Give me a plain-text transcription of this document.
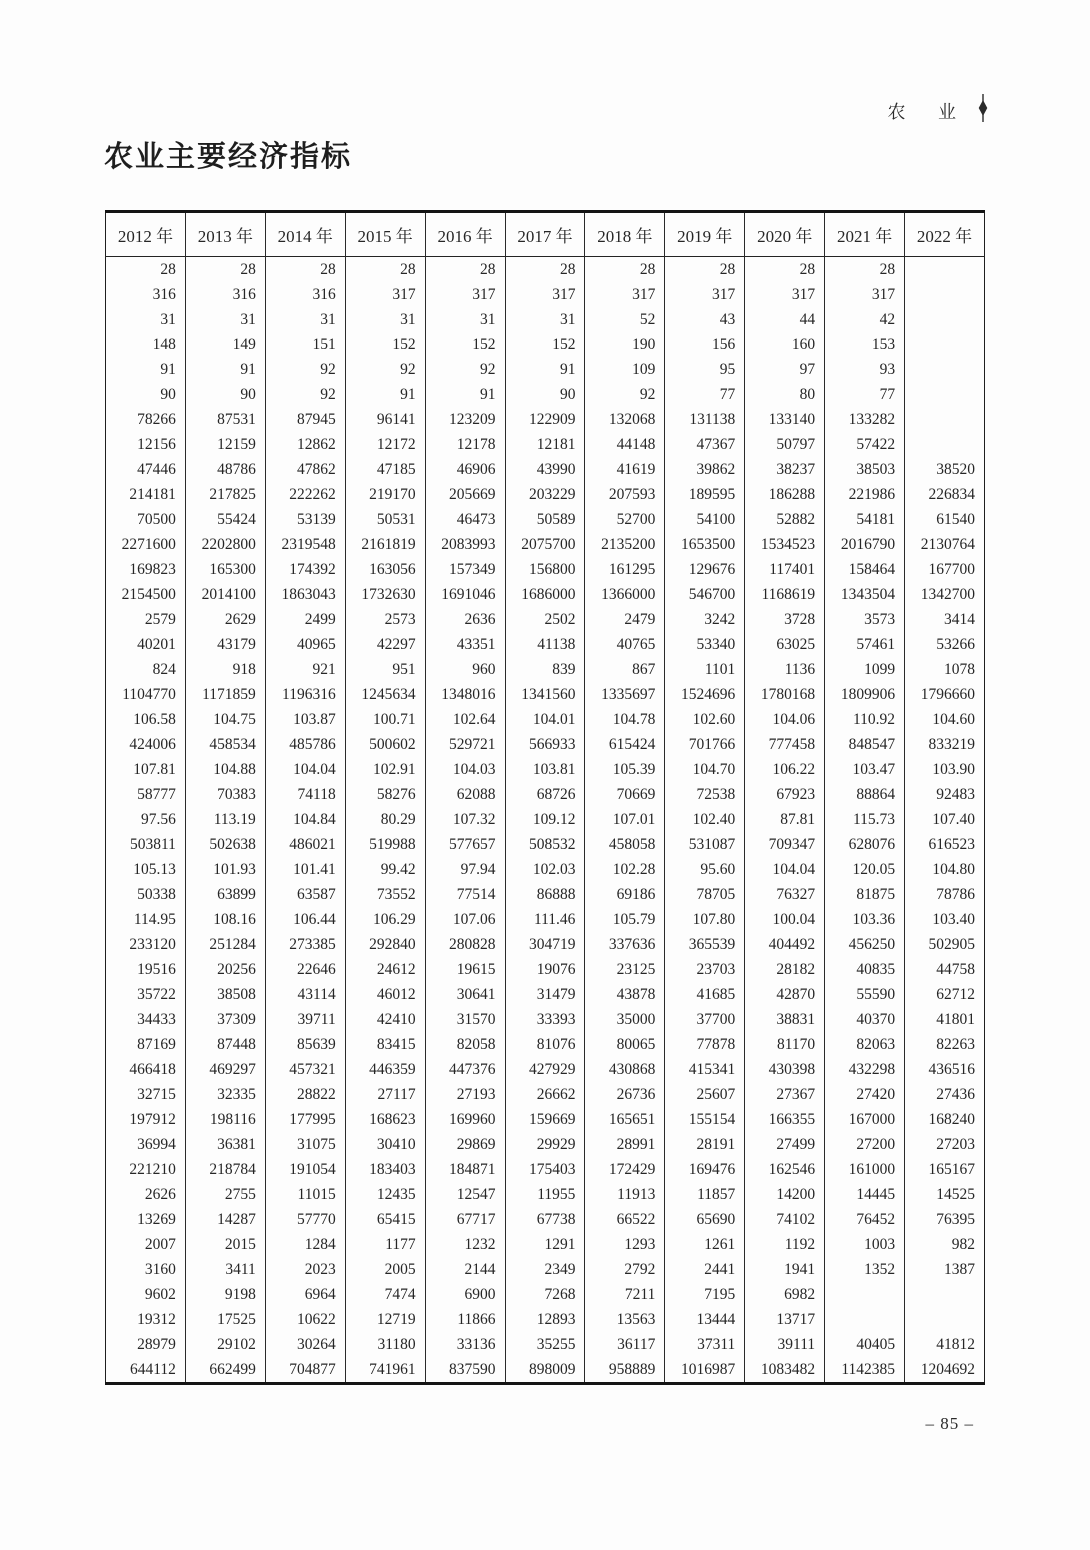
农 业
农业主要经济指标
2012 年	2013 年	2014 年	2015 年	2016 年	2017 年	2018 年	2019 年	2020 年	2021 年	2022 年
28	28	28	28	28	28	28	28	28	28	
316	316	316	317	317	317	317	317	317	317	
31	31	31	31	31	31	52	43	44	42	
148	149	151	152	152	152	190	156	160	153	
91	91	92	92	92	91	109	95	97	93	
90	90	92	91	91	90	92	77	80	77	
78266	87531	87945	96141	123209	122909	132068	131138	133140	133282	
12156	12159	12862	12172	12178	12181	44148	47367	50797	57422	
47446	48786	47862	47185	46906	43990	41619	39862	38237	38503	38520
214181	217825	222262	219170	205669	203229	207593	189595	186288	221986	226834
70500	55424	53139	50531	46473	50589	52700	54100	52882	54181	61540
2271600	2202800	2319548	2161819	2083993	2075700	2135200	1653500	1534523	2016790	2130764
169823	165300	174392	163056	157349	156800	161295	129676	117401	158464	167700
2154500	2014100	1863043	1732630	1691046	1686000	1366000	546700	1168619	1343504	1342700
2579	2629	2499	2573	2636	2502	2479	3242	3728	3573	3414
40201	43179	40965	42297	43351	41138	40765	53340	63025	57461	53266
824	918	921	951	960	839	867	1101	1136	1099	1078
1104770	1171859	1196316	1245634	1348016	1341560	1335697	1524696	1780168	1809906	1796660
106.58	104.75	103.87	100.71	102.64	104.01	104.78	102.60	104.06	110.92	104.60
424006	458534	485786	500602	529721	566933	615424	701766	777458	848547	833219
107.81	104.88	104.04	102.91	104.03	103.81	105.39	104.70	106.22	103.47	103.90
58777	70383	74118	58276	62088	68726	70669	72538	67923	88864	92483
97.56	113.19	104.84	80.29	107.32	109.12	107.01	102.40	87.81	115.73	107.40
503811	502638	486021	519988	577657	508532	458058	531087	709347	628076	616523
105.13	101.93	101.41	99.42	97.94	102.03	102.28	95.60	104.04	120.05	104.80
50338	63899	63587	73552	77514	86888	69186	78705	76327	81875	78786
114.95	108.16	106.44	106.29	107.06	111.46	105.79	107.80	100.04	103.36	103.40
233120	251284	273385	292840	280828	304719	337636	365539	404492	456250	502905
19516	20256	22646	24612	19615	19076	23125	23703	28182	40835	44758
35722	38508	43114	46012	30641	31479	43878	41685	42870	55590	62712
34433	37309	39711	42410	31570	33393	35000	37700	38831	40370	41801
87169	87448	85639	83415	82058	81076	80065	77878	81170	82063	82263
466418	469297	457321	446359	447376	427929	430868	415341	430398	432298	436516
32715	32335	28822	27117	27193	26662	26736	25607	27367	27420	27436
197912	198116	177995	168623	169960	159669	165651	155154	166355	167000	168240
36994	36381	31075	30410	29869	29929	28991	28191	27499	27200	27203
221210	218784	191054	183403	184871	175403	172429	169476	162546	161000	165167
2626	2755	11015	12435	12547	11955	11913	11857	14200	14445	14525
13269	14287	57770	65415	67717	67738	66522	65690	74102	76452	76395
2007	2015	1284	1177	1232	1291	1293	1261	1192	1003	982
3160	3411	2023	2005	2144	2349	2792	2441	1941	1352	1387
9602	9198	6964	7474	6900	7268	7211	7195	6982		
19312	17525	10622	12719	11866	12893	13563	13444	13717		
28979	29102	30264	31180	33136	35255	36117	37311	39111	40405	41812
644112	662499	704877	741961	837590	898009	958889	1016987	1083482	1142385	1204692
– 85 –
